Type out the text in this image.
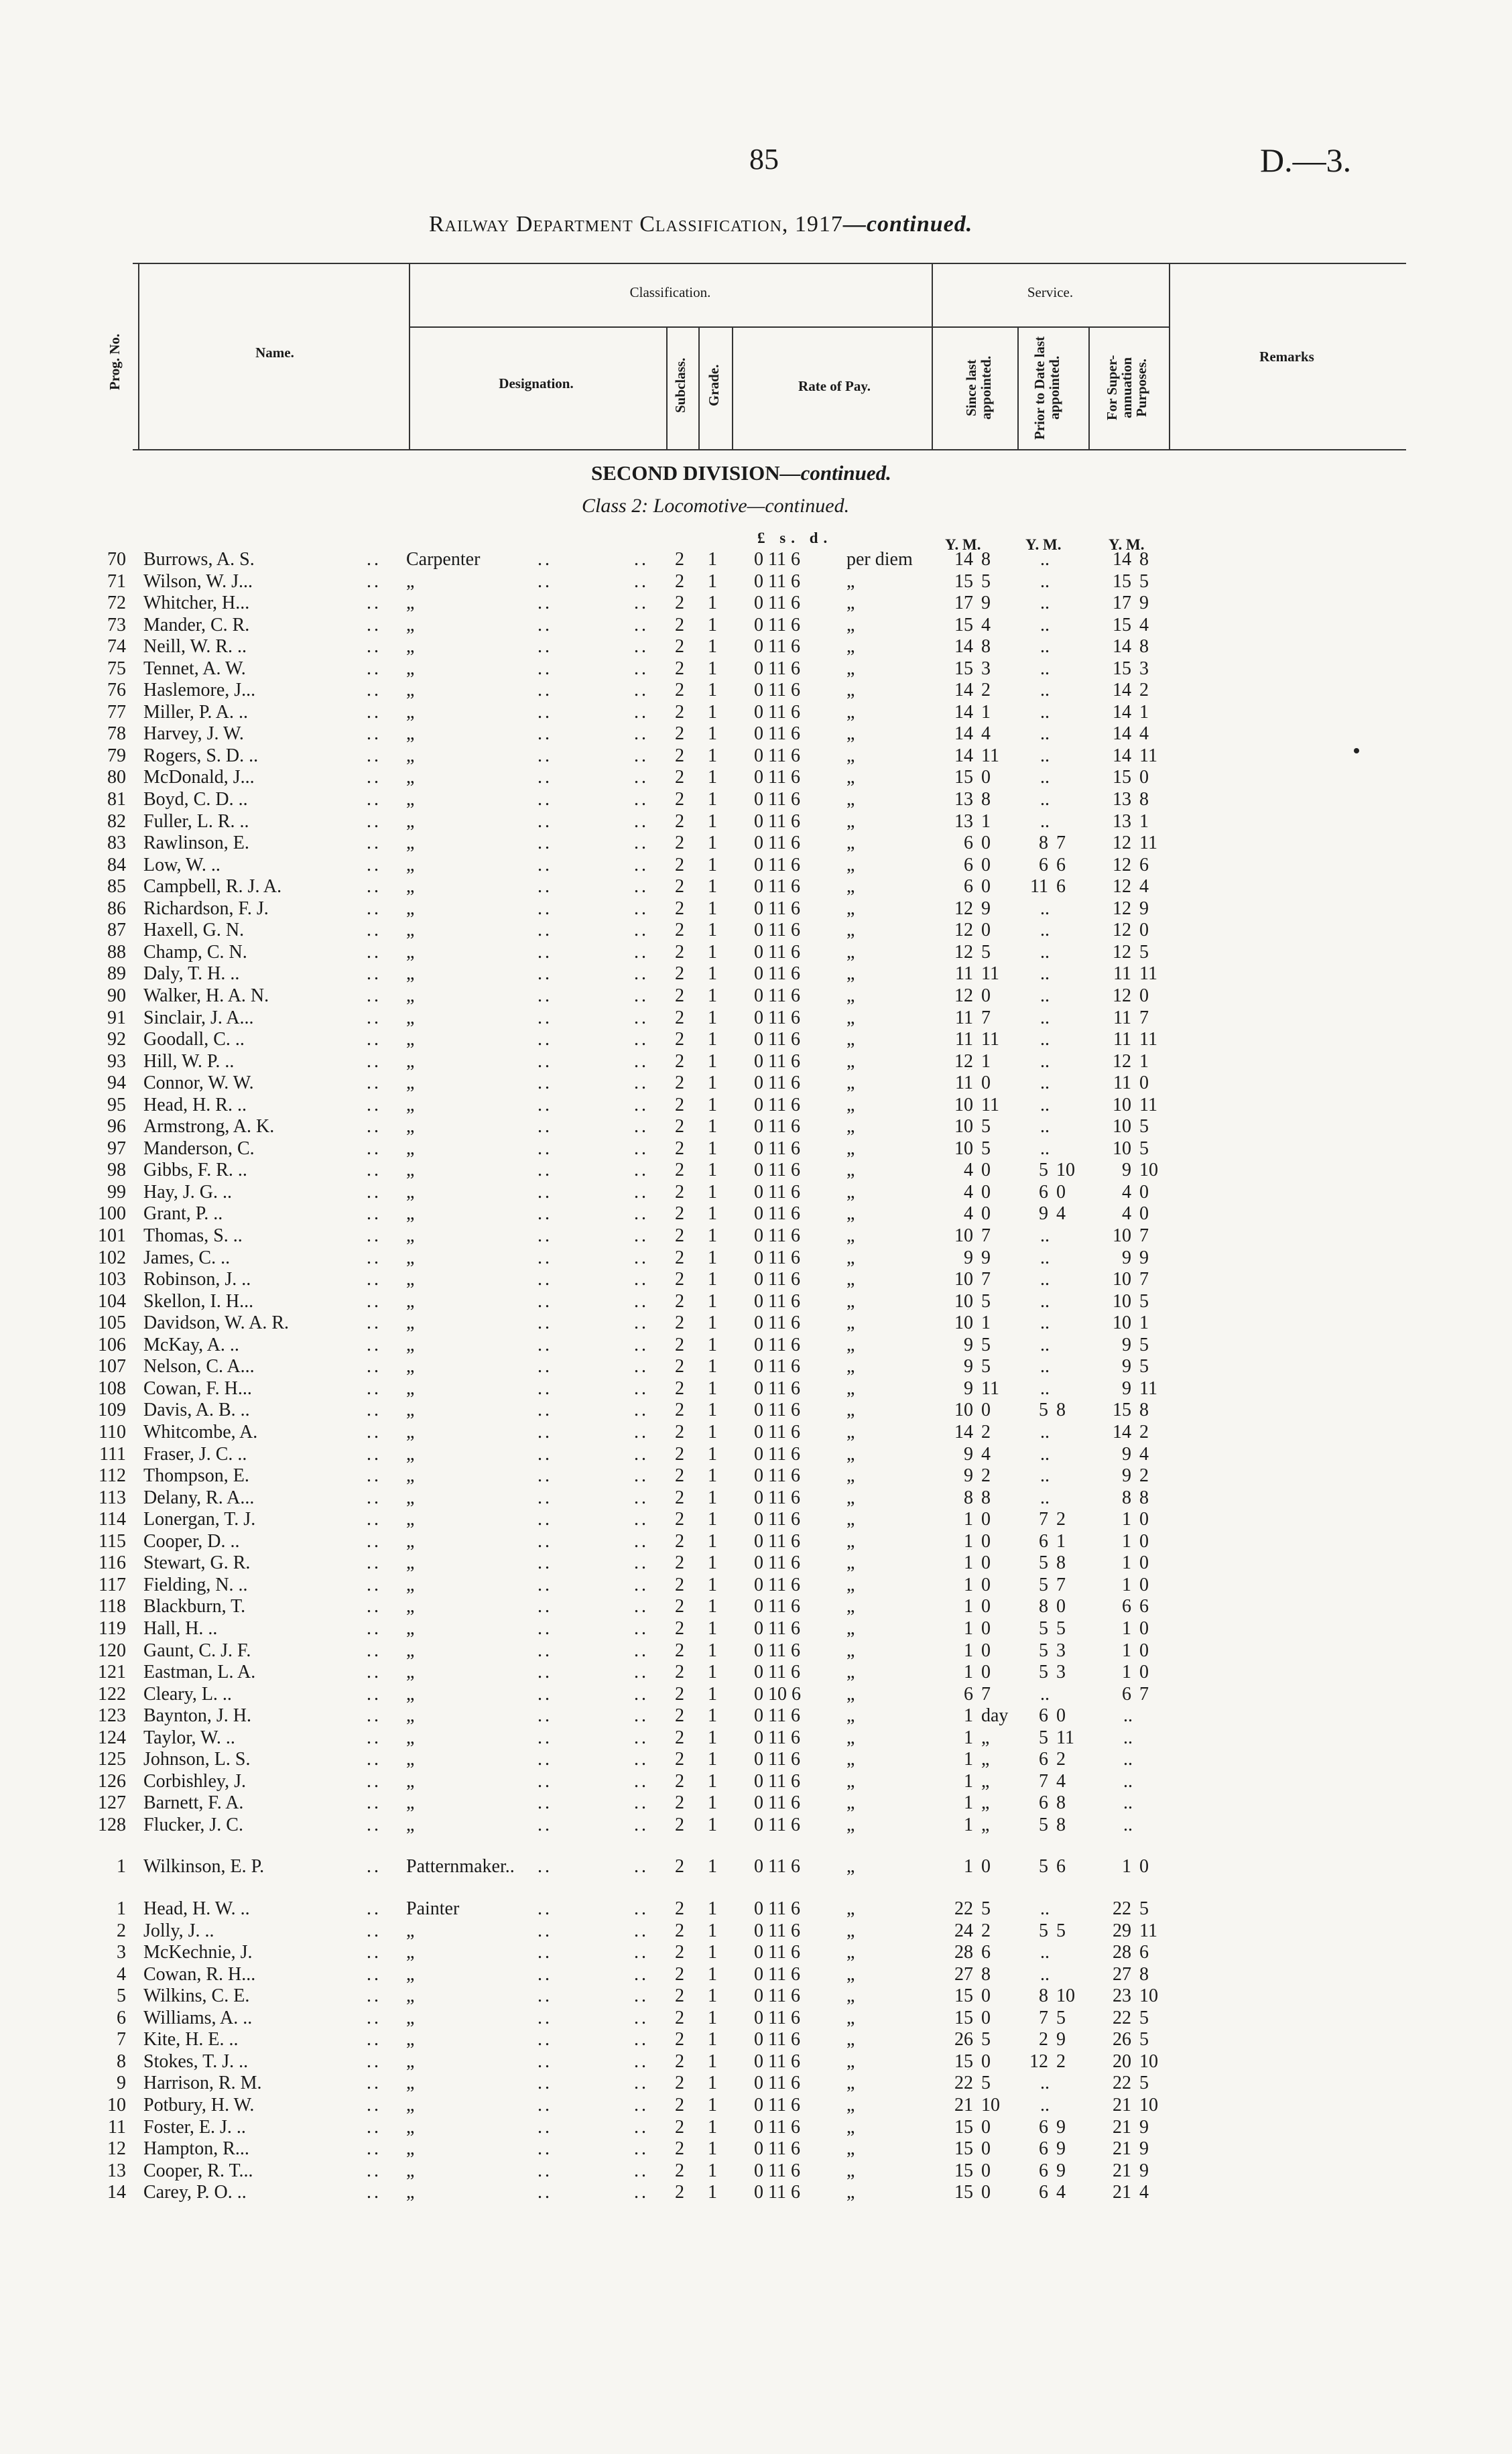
85	D.—3.
Railway Department Classification, 1917—continued.
Prog. No.	Name.
Classification.
Designation.	Subclass. Grade.	Rate of Pay.
Service.
Since last appointed.	Prior to Date last appointed.	For Super-annuation Purposes.
Remarks
SECOND DIVISION—continued.
Class 2: Locomotive—continued.
£ s. d.	Y. M.	Y. M.	Y. M.
70 Burrows, A. S.	.. Carpenter	..	.. 2 1 0 11 6 per diem	14 8	..	14 8
71 Wilson, W. J...	.. „	..	.. 2 1 0 11 6 „	15 5	..	15 5
72 Whitcher, H...	.. „	..	.. 2 1 0 11 6 „	17 9	..	17 9
73 Mander, C. R.	.. „	..	.. 2 1 0 11 6 „	15 4	..	15 4
74 Neill, W. R. ..	.. „	..	.. 2 1 0 11 6 „	14 8	..	14 8
75 Tennet, A. W.	.. „	..	.. 2 1 0 11 6 „	15 3	..	15 3
76 Haslemore, J...	.. „	..	.. 2 1 0 11 6 „	14 2	..	14 2
77 Miller, P. A. ..	.. „	..	.. 2 1 0 11 6 „	14 1	..	14 1
78 Harvey, J. W.	.. „	..	.. 2 1 0 11 6 „	14 4	..	14 4
79 Rogers, S. D. ..	.. „	..	.. 2 1 0 11 6 „	14 11	..	14 11
80 McDonald, J...	.. „	..	.. 2 1 0 11 6 „	15 0	..	15 0
81 Boyd, C. D. ..	.. „	..	.. 2 1 0 11 6 „	13 8	..	13 8
82 Fuller, L. R. ..	.. „	..	.. 2 1 0 11 6 „	13 1	..	13 1
83 Rawlinson, E.	.. „	..	.. 2 1 0 11 6 „	6 0	8 7	12 11
84 Low, W. ..	.. „	..	.. 2 1 0 11 6 „	6 0	6 6	12 6
85 Campbell, R. J. A.	.. „	..	.. 2 1 0 11 6 „	6 0	11 6	12 4
86 Richardson, F. J.	.. „	..	.. 2 1 0 11 6 „	12 9	..	12 9
87 Haxell, G. N.	.. „	..	.. 2 1 0 11 6 „	12 0	..	12 0
88 Champ, C. N.	.. „	..	.. 2 1 0 11 6 „	12 5	..	12 5
89 Daly, T. H. ..	.. „	..	.. 2 1 0 11 6 „	11 11	..	11 11
90 Walker, H. A. N.	.. „	..	.. 2 1 0 11 6 „	12 0	..	12 0
91 Sinclair, J. A...	.. „	..	.. 2 1 0 11 6 „	11 7	..	11 7
92 Goodall, C. ..	.. „	..	.. 2 1 0 11 6 „	11 11	..	11 11
93 Hill, W. P. ..	.. „	..	.. 2 1 0 11 6 „	12 1	..	12 1
94 Connor, W. W.	.. „	..	.. 2 1 0 11 6 „	11 0	..	11 0
95 Head, H. R. ..	.. „	..	.. 2 1 0 11 6 „	10 11	..	10 11
96 Armstrong, A. K.	.. „	..	.. 2 1 0 11 6 „	10 5	..	10 5
97 Manderson, C.	.. „	..	.. 2 1 0 11 6 „	10 5	..	10 5
98 Gibbs, F. R. ..	.. „	..	.. 2 1 0 11 6 „	4 0	5 10	9 10
99 Hay, J. G. ..	.. „	..	.. 2 1 0 11 6 „	4 0	6 0	4 0
100 Grant, P. ..	.. „	..	.. 2 1 0 11 6 „	4 0	9 4	4 0
101 Thomas, S. ..	.. „	..	.. 2 1 0 11 6 „	10 7	..	10 7
102 James, C. ..	.. „	..	.. 2 1 0 11 6 „	9 9	..	9 9
103 Robinson, J. ..	.. „	..	.. 2 1 0 11 6 „	10 7	..	10 7
104 Skellon, I. H...	.. „	..	.. 2 1 0 11 6 „	10 5	..	10 5
105 Davidson, W. A. R.	.. „	..	.. 2 1 0 11 6 „	10 1	..	10 1
106 McKay, A. ..	.. „	..	.. 2 1 0 11 6 „	9 5	..	9 5
107 Nelson, C. A...	.. „	..	.. 2 1 0 11 6 „	9 5	..	9 5
108 Cowan, F. H...	.. „	..	.. 2 1 0 11 6 „	9 11	..	9 11
109 Davis, A. B. ..	.. „	..	.. 2 1 0 11 6 „	10 0	5 8	15 8
110 Whitcombe, A.	.. „	..	.. 2 1 0 11 6 „	14 2	..	14 2
111 Fraser, J. C. ..	.. „	..	.. 2 1 0 11 6 „	9 4	..	9 4
112 Thompson, E.	.. „	..	.. 2 1 0 11 6 „	9 2	..	9 2
113 Delany, R. A...	.. „	..	.. 2 1 0 11 6 „	8 8	..	8 8
114 Lonergan, T. J.	.. „	..	.. 2 1 0 11 6 „	1 0	7 2	1 0
115 Cooper, D. ..	.. „	..	.. 2 1 0 11 6 „	1 0	6 1	1 0
116 Stewart, G. R.	.. „	..	.. 2 1 0 11 6 „	1 0	5 8	1 0
117 Fielding, N. ..	.. „	..	.. 2 1 0 11 6 „	1 0	5 7	1 0
118 Blackburn, T.	.. „	..	.. 2 1 0 11 6 „	1 0	8 0	6 6
119 Hall, H. ..	.. „	..	.. 2 1 0 11 6 „	1 0	5 5	1 0
120 Gaunt, C. J. F.	.. „	..	.. 2 1 0 11 6 „	1 0	5 3	1 0
121 Eastman, L. A.	.. „	..	.. 2 1 0 11 6 „	1 0	5 3	1 0
122 Cleary, L. ..	.. „	..	.. 2 1 0 10 6 „	6 7	..	6 7
123 Baynton, J. H.	.. „	..	.. 2 1 0 11 6 „	1 day	6 0	..
124 Taylor, W. ..	.. „	..	.. 2 1 0 11 6 „	1 „	5 11	..
125 Johnson, L. S.	.. „	..	.. 2 1 0 11 6 „	1 „	6 2	..
126 Corbishley, J.	.. „	..	.. 2 1 0 11 6 „	1 „	7 4	..
127 Barnett, F. A.	.. „	..	.. 2 1 0 11 6 „	1 „	6 8	..
128 Flucker, J. C.	.. „	..	.. 2 1 0 11 6 „	1 „	5 8	..
1 Wilkinson, E. P.	.. Patternmaker.. ..	.. 2 1 0 11 6 „	1 0	5 6	1 0
1 Head, H. W. ..	.. Painter	..	.. 2 1 0 11 6 „	22 5	..	22 5
2 Jolly, J. ..	.. „	..	.. 2 1 0 11 6 „	24 2	5 5	29 11
3 McKechnie, J.	.. „	..	.. 2 1 0 11 6 „	28 6	..	28 6
4 Cowan, R. H...	.. „	..	.. 2 1 0 11 6 „	27 8	..	27 8
5 Wilkins, C. E.	.. „	..	.. 2 1 0 11 6 „	15 0	8 10	23 10
6 Williams, A. ..	.. „	..	.. 2 1 0 11 6 „	15 0	7 5	22 5
7 Kite, H. E. ..	.. „	..	.. 2 1 0 11 6 „	26 5	2 9	26 5
8 Stokes, T. J. ..	.. „	..	.. 2 1 0 11 6 „	15 0	12 2	20 10
9 Harrison, R. M.	.. „	..	.. 2 1 0 11 6 „	22 5	..	22 5
10 Potbury, H. W.	.. „	..	.. 2 1 0 11 6 „	21 10	..	21 10
11 Foster, E. J. ..	.. „	..	.. 2 1 0 11 6 „	15 0	6 9	21 9
12 Hampton, R...	.. „	..	.. 2 1 0 11 6 „	15 0	6 9	21 9
13 Cooper, R. T...	.. „	..	.. 2 1 0 11 6 „	15 0	6 9	21 9
14 Carey, P. O. ..	.. „	..	.. 2 1 0 11 6 „	15 0	6 4	21 4
